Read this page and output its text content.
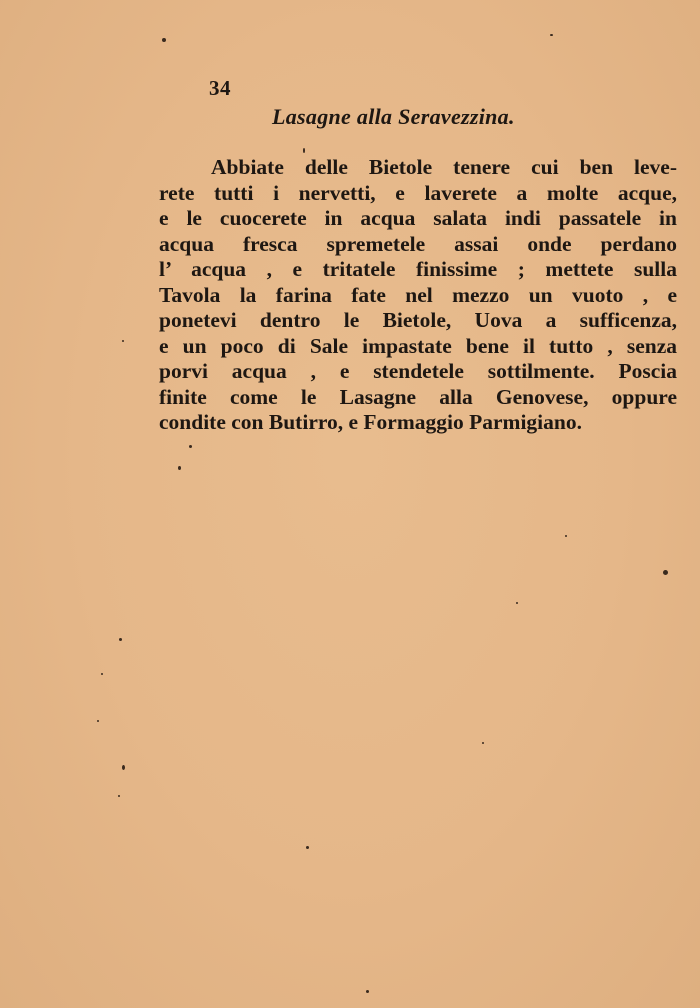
34
Lasagne alla Seravezzina.
Abbiate delle Bietole tenere cui ben leve-
rete tutti i nervetti, e laverete a molte acque,
e le cuocerete in acqua salata indi passatele in
acqua fresca spremetele assai onde perdano
l’ acqua , e tritatele finissime ; mettete sulla
Tavola la farina fate nel mezzo un vuoto , e
ponetevi dentro le Bietole, Uova a sufficenza,
e un poco di Sale impastate bene il tutto , senza
porvi acqua , e stendetele sottilmente. Poscia
finite come le Lasagne alla Genovese, oppure
condite con Butirro, e Formaggio Parmigiano.
